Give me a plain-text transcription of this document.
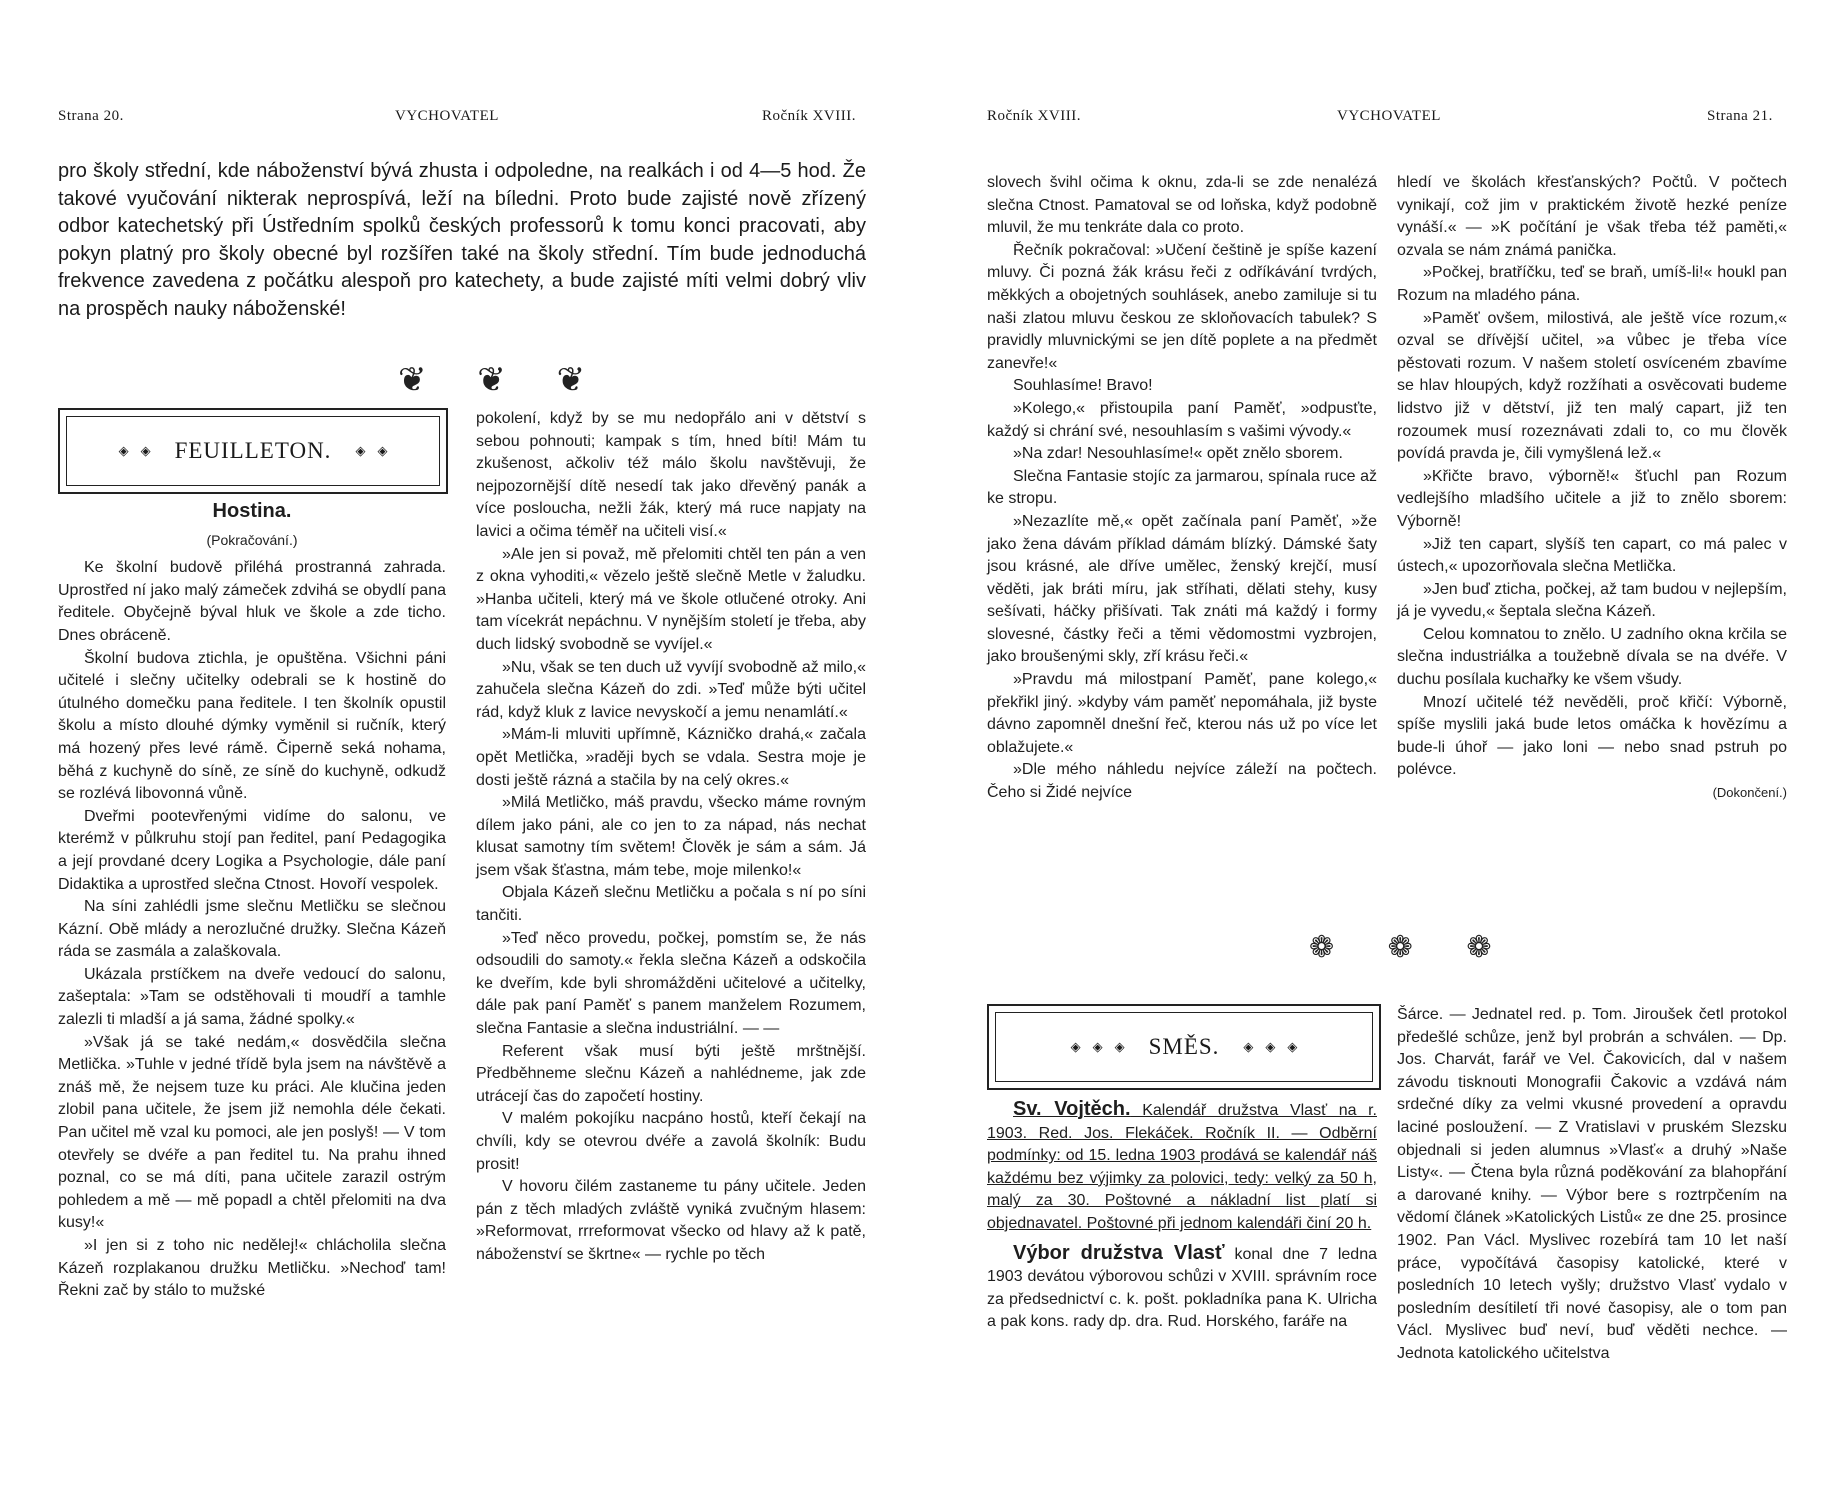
Strana 20.	VYCHOVATEL	Ročník XVIII.
pro školy střední, kde náboženství bývá zhusta i odpoledne, na realkách i od 4—5 hod. Že takové vyučování nikterak neprospívá, leží na bíledni. Proto bude zajisté nově zřízený odbor katechetský při Ústředním spolků českých professorů k tomu konci pracovati, aby pokyn platný pro školy obecné byl rozšířen také na školy střední. Tím bude jednoduchá frekvence zavedena z počátku alespoň pro katechety, a bude zajisté míti velmi dobrý vliv na prospěch nauky náboženské!
❦ ❦ ❦
◈ ◈ FEUILLETON. ◈ ◈

Hostina.

(Pokračování.)

Ke školní budově přiléhá prostranná zahrada. Uprostřed ní jako malý zámeček zdvihá se obydlí pana ředitele. Obyčejně býval hluk ve škole a zde ticho. Dnes obráceně.

Školní budova ztichla, je opuštěna. Všichni páni učitelé i slečny učitelky odebrali se k hostině do útulného domečku pana ředitele. I ten školník opustil školu a místo dlouhé dýmky vyměnil si ručník, který má hozený přes levé rámě. Čiperně seká nohama, běhá z kuchyně do síně, ze síně do kuchyně, odkudž se rozlévá libovonná vůně.

Dveřmi pootevřenými vidíme do salonu, ve kterémž v půlkruhu stojí pan ředitel, paní Pedagogika a její provdané dcery Logika a Psychologie, dále paní Didaktika a uprostřed slečna Ctnost. Hovoří vespolek.

Na síni zahlédli jsme slečnu Metličku se slečnou Kázní. Obě mlády a nerozlučné družky. Slečna Kázeň ráda se zasmála a zalaškovala.

Ukázala prstíčkem na dveře vedoucí do salonu, zašeptala: »Tam se odstěhovali ti moudří a tamhle zalezli ti mladší a já sama, žádné spolky.«

»Však já se také nedám,« dosvědčila slečna Metlička. »Tuhle v jedné třídě byla jsem na návštěvě a znáš mě, že nejsem tuze ku práci. Ale klučina jeden zlobil pana učitele, že jsem již nemohla déle čekati. Pan učitel mě vzal ku pomoci, ale jen poslyš! — V tom otevřely se dvéře a pan ředitel tu. Na prahu ihned poznal, co se má díti, pana učitele zarazil ostrým pohledem a mě — mě popadl a chtěl přelomiti na dva kusy!«

»I jen si z toho nic nedělej!« chlácholila slečna Kázeň rozplakanou družku Metličku. »Nechoď tam! Řekni zač by stálo to mužské

pokolení, když by se mu nedopřálo ani v dětství s sebou pohnouti; kampak s tím, hned bíti! Mám tu zkušenost, ačkoliv též málo školu navštěvuji, že nejpozornější dítě nesedí tak jako dřevěný panák a více posloucha, nežli žák, který má ruce napjaty na lavici a očima téměř na učiteli visí.«

»Ale jen si považ, mě přelomiti chtěl ten pán a ven z okna vyhoditi,« vězelo ještě slečně Metle v žaludku. »Hanba učiteli, který má ve škole otlučené otroky. Ani tam vícekrát nepáchnu. V nynějším století je třeba, aby duch lidský svobodně se vyvíjel.«

»Nu, však se ten duch už vyvíjí svobodně až milo,« zahučela slečna Kázeň do zdi. »Teď může býti učitel rád, když kluk z lavice nevyskočí a jemu nenamlátí.«

»Mám-li mluviti upřímně, Kázničko drahá,« začala opět Metlička, »raději bych se vdala. Sestra moje je dosti ještě rázná a stačila by na celý okres.«

»Milá Metličko, máš pravdu, všecko máme rovným dílem jako páni, ale co jen to za nápad, nás nechat klusat samotny tím světem! Člověk je sám a sám. Já jsem však šťastna, mám tebe, moje milenko!«

Objala Kázeň slečnu Metličku a počala s ní po síni tančiti.

»Teď něco provedu, počkej, pomstím se, že nás odsoudili do samoty.« řekla slečna Kázeň a odskočila ke dveřím, kde byli shromážděni učitelové a učitelky, dále pak paní Paměť s panem manželem Rozumem, slečna Fantasie a slečna industriální. — —

Referent však musí býti ještě mrštnější. Předběhneme slečnu Kázeň a nahlédneme, jak zde utrácejí čas do započetí hostiny.

V malém pokojíku nacpáno hostů, kteří čekají na chvíli, kdy se otevrou dvéře a zavolá školník: Budu prosit!

V hovoru čilém zastaneme tu pány učitele. Jeden pán z těch mladých zvláště vyniká zvučným hlasem: »Reformovat, rrreformovat všecko od hlavy až k patě, náboženství se škrtne« — rychle po těch

Ročník XVIII.	VYCHOVATEL	Strana 21.

slovech švihl očima k oknu, zda-li se zde nenalézá slečna Ctnost. Pamatoval se od loňska, když podobně mluvil, že mu tenkráte dala co proto.

Řečník pokračoval: »Učení češtině je spíše kazení mluvy. Či pozná žák krásu řeči z odříkávání tvrdých, měkkých a obojetných souhlásek, anebo zamiluje si tu naši zlatou mluvu českou ze skloňovacích tabulek? S pravidly mluvnickými se jen dítě poplete a na předmět zanevře!«

Souhlasíme! Bravo!

»Kolego,« přistoupila paní Paměť, »odpusťte, každý si chrání své, nesouhlasím s vašimi vývody.«

»Na zdar! Nesouhlasíme!« opět znělo sborem.

Slečna Fantasie stojíc za jarmarou, spínala ruce až ke stropu.

»Nezazlíte mě,« opět začínala paní Paměť, »že jako žena dávám příklad dámám blízký. Dámské šaty jsou krásné, ale dříve umělec, ženský krejčí, musí věděti, jak bráti míru, jak stříhati, dělati stehy, kusy sešívati, háčky přišívati. Tak znáti má každý i formy slovesné, částky řeči a těmi vědomostmi vyzbrojen, jako broušenými skly, zří krásu řeči.«

»Pravdu má milostpaní Paměť, pane kolego,« překřikl jiný. »kdyby vám paměť nepomáhala, již byste dávno zapomněl dnešní řeč, kterou nás už po více let oblažujete.«

»Dle mého náhledu nejvíce záleží na počtech. Čeho si Židé nejvíce

hledí ve školách křesťanských? Počtů. V počtech vynikají, což jim v praktickém životě hezké peníze vynáší.« — »K počítání je však třeba též paměti,« ozvala se nám známá panička.

»Počkej, bratříčku, teď se braň, umíš-li!« houkl pan Rozum na mladého pána.

»Paměť ovšem, milostivá, ale ještě více rozum,« ozval se dřívější učitel, »a vůbec je třeba více pěstovati rozum. V našem století osvíceném zbavíme se hlav hloupých, když rozžíhati a osvěcovati budeme lidstvo již v dětství, již ten malý capart, již ten rozoumek musí rozeznávati zdali to, co mu člověk povídá pravda je, čili vymyšlená lež.«

»Křičte bravo, výborně!« šťuchl pan Rozum vedlejšího mladšího učitele a již to znělo sborem: Výborně!

»Již ten capart, slyšíš ten capart, co má palec v ústech,« upozorňovala slečna Metlička.

»Jen buď zticha, počkej, až tam budou v nejlepším, já je vyvedu,« šeptala slečna Kázeň.

Celou komnatou to znělo. U zadního okna krčila se slečna industriálka a toužebně dívala se na dvéře. V duchu posílala kuchařky ke všem všudy.

Mnozí učitelé též nevěděli, proč křičí: Výborně, spíše myslili jaká bude letos omáčka k hovězímu a bude-li úhoř — jako loni — nebo snad pstruh po polévce.

(Dokončení.)

❁ ❁ ❁
◈ ◈ ◈ SMĚS. ◈ ◈ ◈

Sv. Vojtěch. Kalendář družstva Vlasť na r. 1903. Red. Jos. Flekáček. Ročník II. — Odběrní podmínky: od 15. ledna 1903 prodává se kalendář náš každému bez výjimky za polovici, tedy: velký za 50 h, malý za 30. Poštovné a nákladní list platí si objednavatel. Poštovné při jednom kalendáři činí 20 h.

Výbor družstva Vlasť konal dne 7 ledna 1903 devátou výborovou schůzi v XVIII. správním roce za předsednictví c. k. pošt. pokladníka pana K. Ulricha a pak kons. rady dp. dra. Rud. Horského, faráře na

Šárce. — Jednatel red. p. Tom. Jiroušek četl protokol předešlé schůze, jenž byl probrán a schválen. — Dp. Jos. Charvát, farář ve Vel. Čakovicích, dal v našem závodu tisknouti Monografii Čakovic a vzdává nám srdečné díky za velmi vkusné provedení a opravdu laciné posloužení. — Z Vratislavi v pruském Slezsku objednali si jeden alumnus »Vlasť« a druhý »Naše Listy«. — Čtena byla různá poděkování za blahopřání a darované knihy. — Výbor bere s roztrpčením na vědomí článek »Katolických Listů« ze dne 25. prosince 1902. Pan Václ. Myslivec rozebírá tam 10 let naší práce, vypočítává časopisy katolické, které v posledních 10 letech vyšly; družstvo Vlasť vydalo v posledním desítiletí tři nové časopisy, ale o tom pan Václ. Myslivec buď neví, buď věděti nechce. — Jednota katolického učitelstva
